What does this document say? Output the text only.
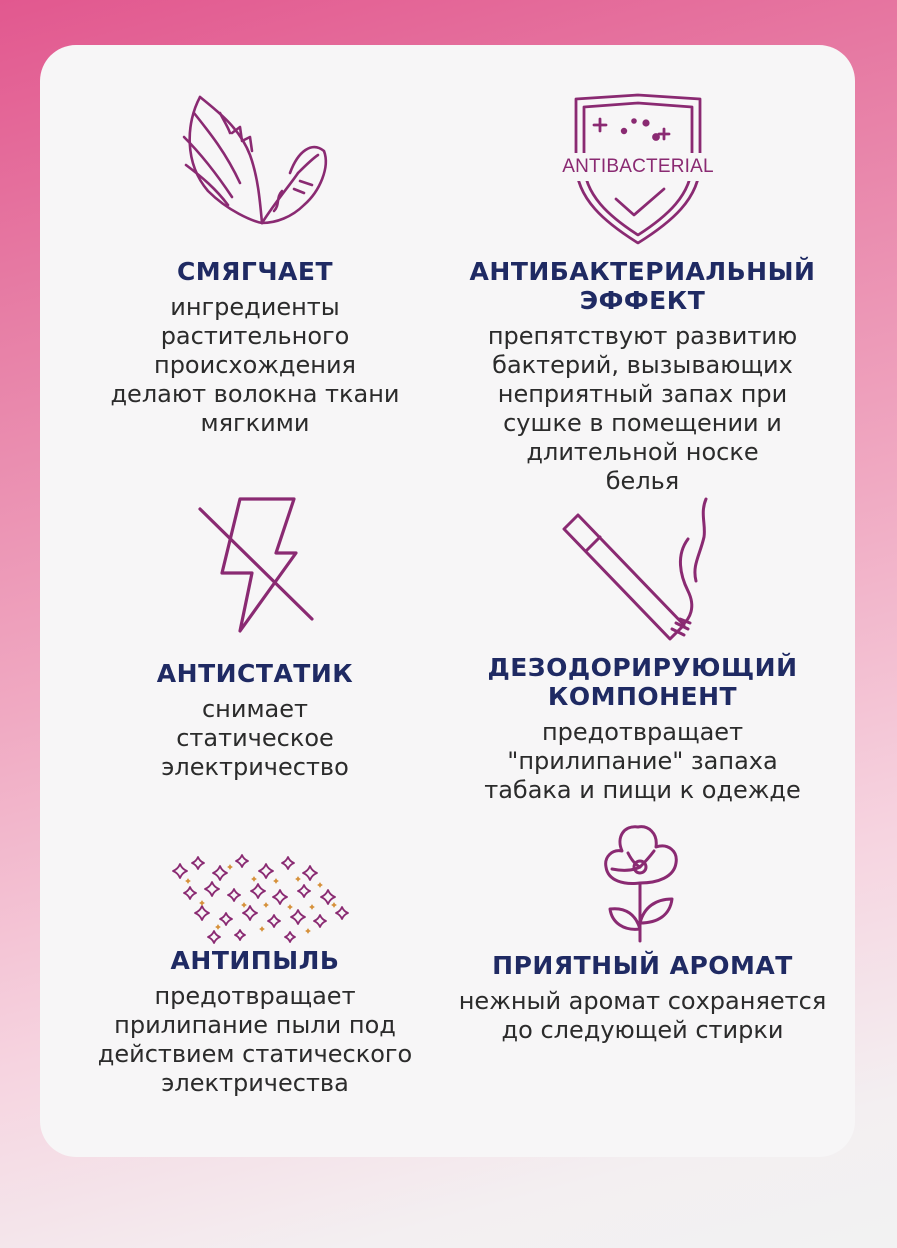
СМЯГЧАЕТ

ингредиенты растительного происхождения делают волокна ткани мягкими

ANTIBACTERIAL

АНТИБАКТЕРИАЛЬНЫЙ ЭФФЕКТ

препятствуют развитию бактерий, вызывающих неприятный запах при сушке в помещении и длительной носке белья

АНТИСТАТИК

снимает статическое электричество

ДЕЗОДОРИРУЮЩИЙ КОМПОНЕНТ

предотвращает "прилипание" запаха табака и пищи к одежде

АНТИПЫЛЬ

предотвращает прилипание пыли под действием статического электричества

ПРИЯТНЫЙ АРОМАТ

нежный аромат сохраняется до следующей стирки
